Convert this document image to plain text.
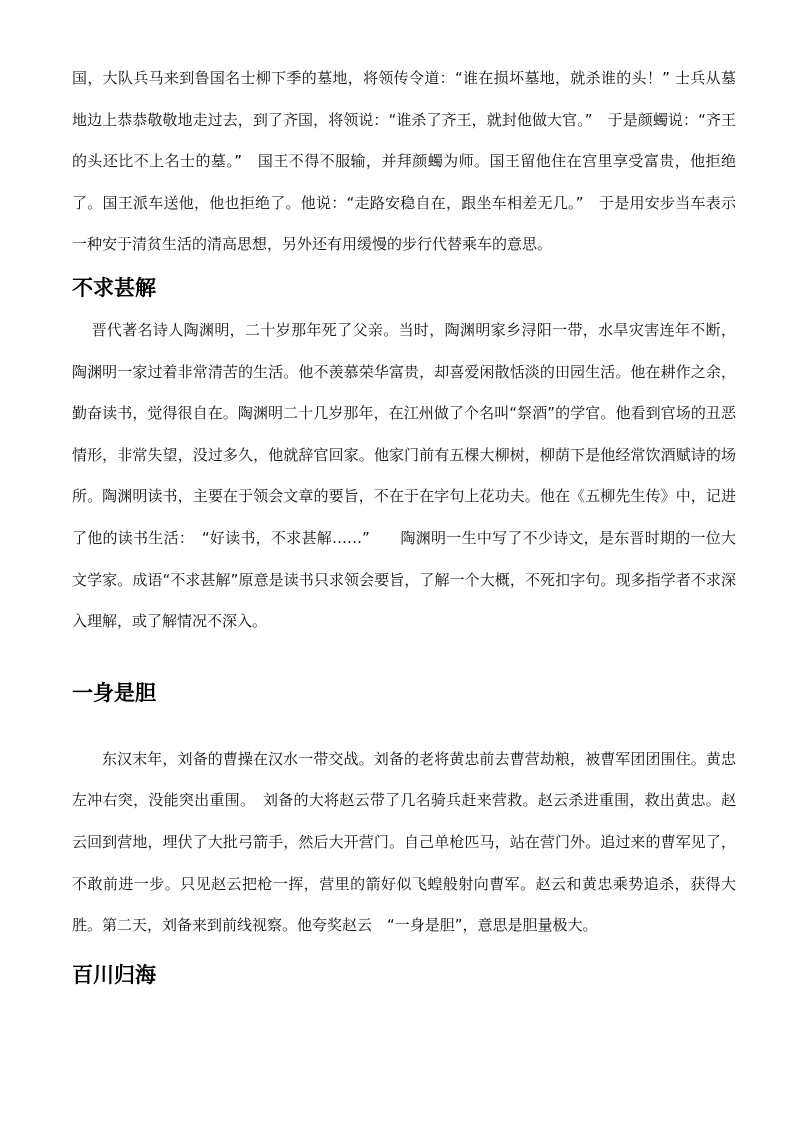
国，大队兵马来到鲁国名士柳下季的墓地，将领传令道：“谁在损坏墓地，就杀谁的头！” 士兵从墓地边上恭恭敬敬地走过去，到了齐国，将领说：“谁杀了齐王，就封他做大官。”　于是颜蠋说：“齐王的头还比不上名士的墓。”　国王不得不服输，并拜颜蠋为师。国王留他住在宫里享受富贵，他拒绝了。国王派车送他，他也拒绝了。他说：“走路安稳自在，跟坐车相差无几。”　于是用安步当车表示一种安于清贫生活的清高思想，另外还有用缓慢的步行代替乘车的意思。

不求甚解

晋代著名诗人陶渊明，二十岁那年死了父亲。当时，陶渊明家乡浔阳一带，水旱灾害连年不断，陶渊明一家过着非常清苦的生活。他不羡慕荣华富贵，却喜爱闲散恬淡的田园生活。他在耕作之余，勤奋读书，觉得很自在。陶渊明二十几岁那年，在江州做了个名叫“祭酒”的学官。他看到官场的丑恶情形，非常失望，没过多久，他就辞官回家。他家门前有五棵大柳树，柳荫下是他经常饮酒赋诗的场所。陶渊明读书，主要在于领会文章的要旨，不在于在字句上花功夫。他在《五柳先生传》中，记进了他的读书生活：　“好读书，不求甚解……”　　陶渊明一生中写了不少诗文，是东晋时期的一位大文学家。成语“不求甚解”原意是读书只求领会要旨，了解一个大概，不死扣字句。现多指学者不求深入理解，或了解情况不深入。

一身是胆

东汉末年，刘备的曹操在汉水一带交战。刘备的老将黄忠前去曹营劫粮，被曹军团团围住。黄忠左冲右突，没能突出重围。　刘备的大将赵云带了几名骑兵赶来营救。赵云杀进重围，救出黄忠。赵云回到营地，埋伏了大批弓箭手，然后大开营门。自己单枪匹马，站在营门外。追过来的曹军见了，不敢前进一步。只见赵云把枪一挥，营里的箭好似飞蝗般射向曹军。赵云和黄忠乘势追杀，获得大胜。第二天，刘备来到前线视察。他夸奖赵云　“一身是胆”，意思是胆量极大。

百川归海
